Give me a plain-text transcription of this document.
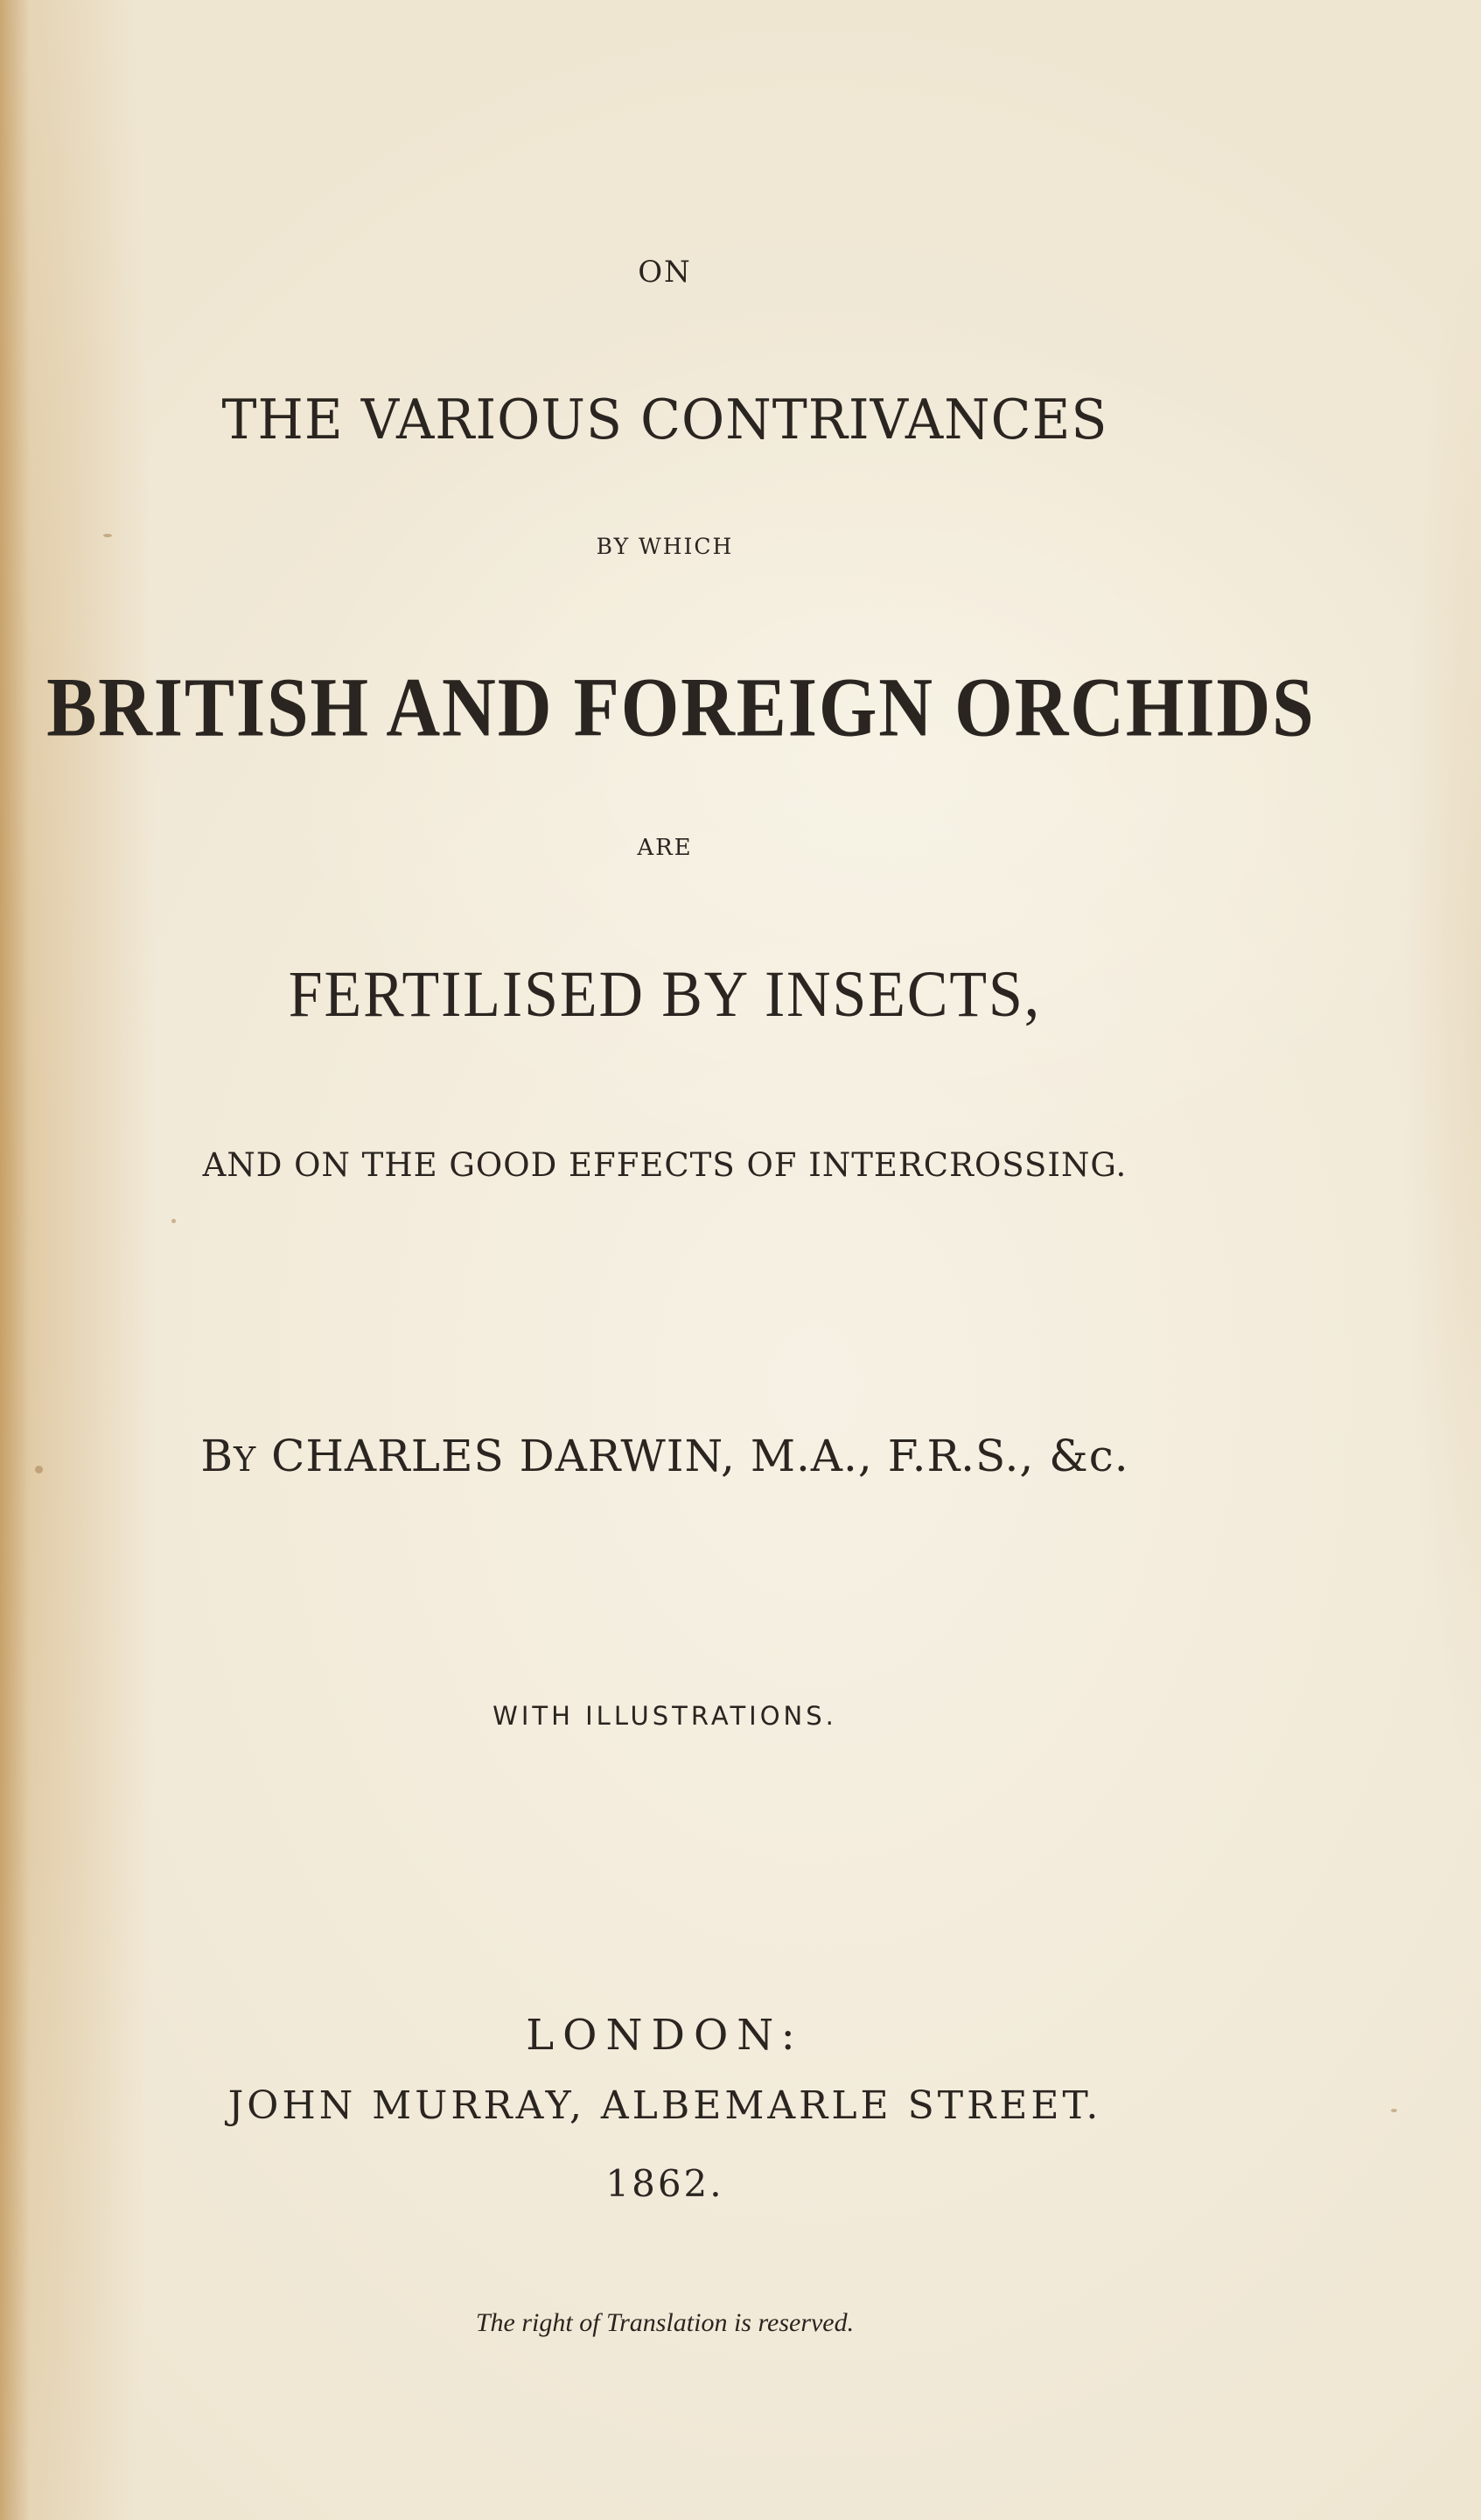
ON
THE VARIOUS CONTRIVANCES
BY WHICH
BRITISH AND FOREIGN ORCHIDS
ARE
FERTILISED BY INSECTS,
AND ON THE GOOD EFFECTS OF INTERCROSSING.
BY CHARLES DARWIN, M.A., F.R.S., &c.
WITH ILLUSTRATIONS.
LONDON:
JOHN MURRAY, ALBEMARLE STREET.
1862.
The right of Translation is reserved.
